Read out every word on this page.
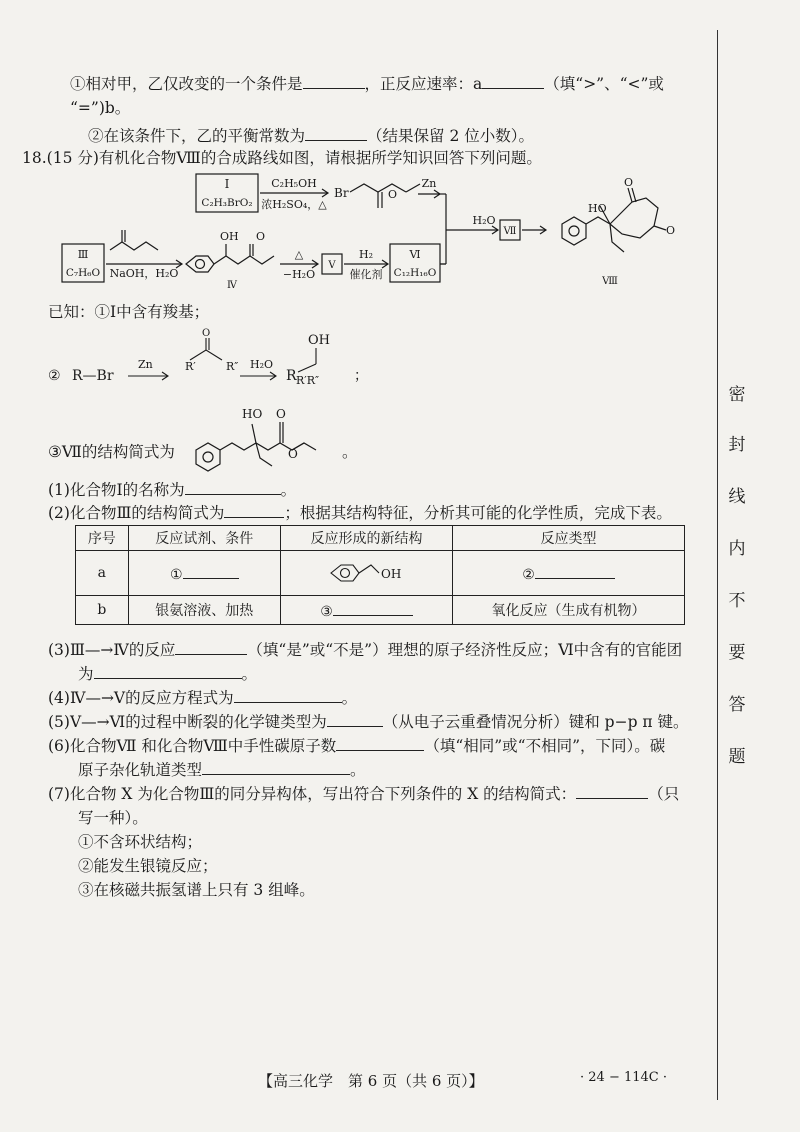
①相对甲，乙仅改变的一个条件是	，正反应速率：a	（填“>”、“<”或
“=”)b。
②在该条件下，乙的平衡常数为	（结果保留 2 位小数）。
18.(15 分)有机化合物Ⅷ的合成路线如图，请根据所学知识回答下列问题。
Ⅰ
C₂H₃BrO₂
C₂H₅OH
浓H₂SO₄，△
Br	O
Zn
H₂O
Ⅶ
Ⅷ
HO
O
O
Ⅲ
C₇H₆O NaOH，H₂O
OH O
Ⅳ
△
−H₂O
Ⅴ
H₂
催化剂
Ⅵ
C₁₂H₁₆O
已知：①Ⅰ中含有羧基；
② R—Br
Zn	R′	R″
O
H₂O
R R′R″
OH
；
③Ⅶ的结构简式为
HO O
O	。
(1)化合物Ⅰ的名称为	。
(2)化合物Ⅲ的结构简式为	；根据其结构特征，分析其可能的化学性质，完成下表。
序号	反应试剂、条件	反应形成的新结构	反应类型
a	①	OH	②
b	银氨溶液、加热	③	氧化反应（生成有机物）
(3)Ⅲ—→Ⅳ的反应	（填“是”或“不是”）理想的原子经济性反应；Ⅵ中含有的官能团
为	。
(4)Ⅳ—→Ⅴ的反应方程式为	。
(5)Ⅴ—→Ⅵ的过程中断裂的化学键类型为	（从电子云重叠情况分析）键和 p−p π 键。
(6)化合物Ⅶ 和化合物Ⅷ中手性碳原子数	（填“相同”或“不相同”，下同）。碳
原子杂化轨道类型	。
(7)化合物 X 为化合物Ⅲ的同分异构体，写出符合下列条件的 X 的结构简式：	（只
写一种）。
①不含环状结构；
②能发生银镜反应；
③在核磁共振氢谱上只有 3 组峰。
密
封
线
内
不
要
答
题
【高三化学　第 6 页（共 6 页）】	· 24 − 114C ·
